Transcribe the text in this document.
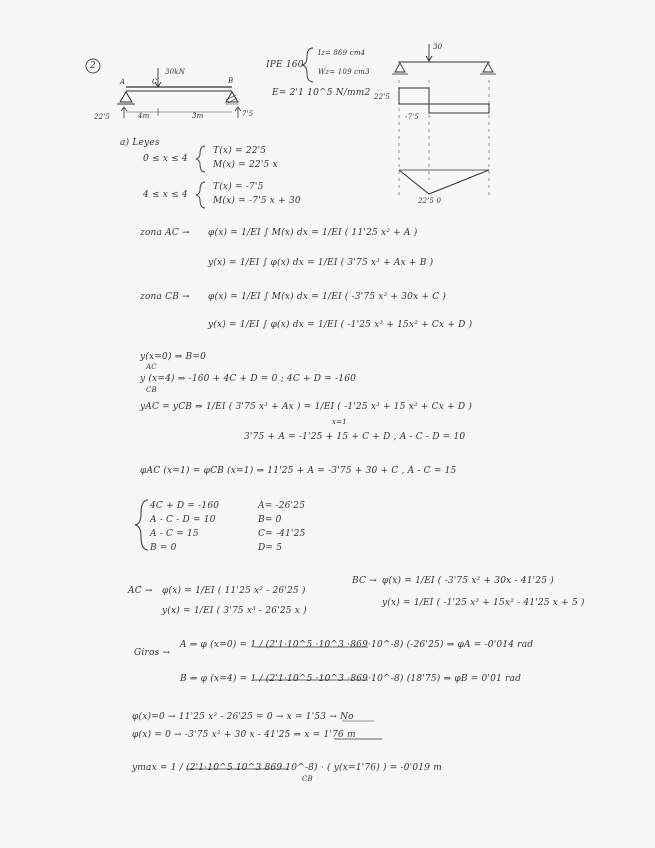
2
30kN
A	C	B
22'5	7'5
4m	3m
IPE 160
Iz= 869 cm4
Wz= 109 cm3
E= 2'1 10^5 N/mm2
30
22'5
-7'5
22'5 0
a) Leyes
0 ≤ x ≤ 4
T(x) = 22'5
M(x) = 22'5 x
4 ≤ x ≤ 4
T(x) = -7'5
M(x) = -7'5 x + 30
zona AC → φ(x) = 1/EI ∫ M(x) dx = 1/EI ( 11'25 x² + A )
y(x) = 1/EI ∫ φ(x) dx = 1/EI ( 3'75 x³ + Ax + B )
zona CB → φ(x) = 1/EI ∫ M(x) dx = 1/EI ( -3'75 x² + 30x + C )
y(x) = 1/EI ∫ φ(x) dx = 1/EI ( -1'25 x³ + 15x² + Cx + D )
y(x=0) ⇒ B=0
AC
y (x=4) ⇒ -160 + 4C + D = 0 ; 4C + D = -160
CB
yAC = yCB ⇒ 1/EI ( 3'75 x³ + Ax ) = 1/EI ( -1'25 x³ + 15 x² + Cx + D )
x=1
3'75 + A = -1'25 + 15 + C + D , A - C - D = 10
φAC (x=1) = φCB (x=1) ⇒ 11'25 + A = -3'75 + 30 + C , A - C = 15
4C + D = -160
A - C - D = 10
A - C = 15
B = 0
A= -26'25
B= 0
C= -41'25
D= 5
AC → φ(x) = 1/EI ( 11'25 x² - 26'25 )
y(x) = 1/EI ( 3'75 x³ - 26'25 x )
BC → φ(x) = 1/EI ( -3'75 x² + 30x - 41'25 )
y(x) = 1/EI ( -1'25 x³ + 15x² - 41'25 x + 5 )
Giros →
A ⇒ φ (x=0) = 1 / (2'1·10^5 ·10^3 ·869·10^-8) (-26'25) ⇒ φA = -0'014 rad
B ⇒ φ (x=4) = 1 / (2'1·10^5 ·10^3 ·869·10^-8) (18'75) ⇒ φB = 0'01 rad
φ(x)=0 → 11'25 x² - 26'25 = 0 → x = 1'53 → No
φ(x) = 0 → -3'75 x² + 30 x - 41'25 ⇒ x = 1'76 m
ymax = 1 / (2'1·10^5 10^3 869 10^-8) · ( y(x=1'76) ) = -0'019 m
CB
